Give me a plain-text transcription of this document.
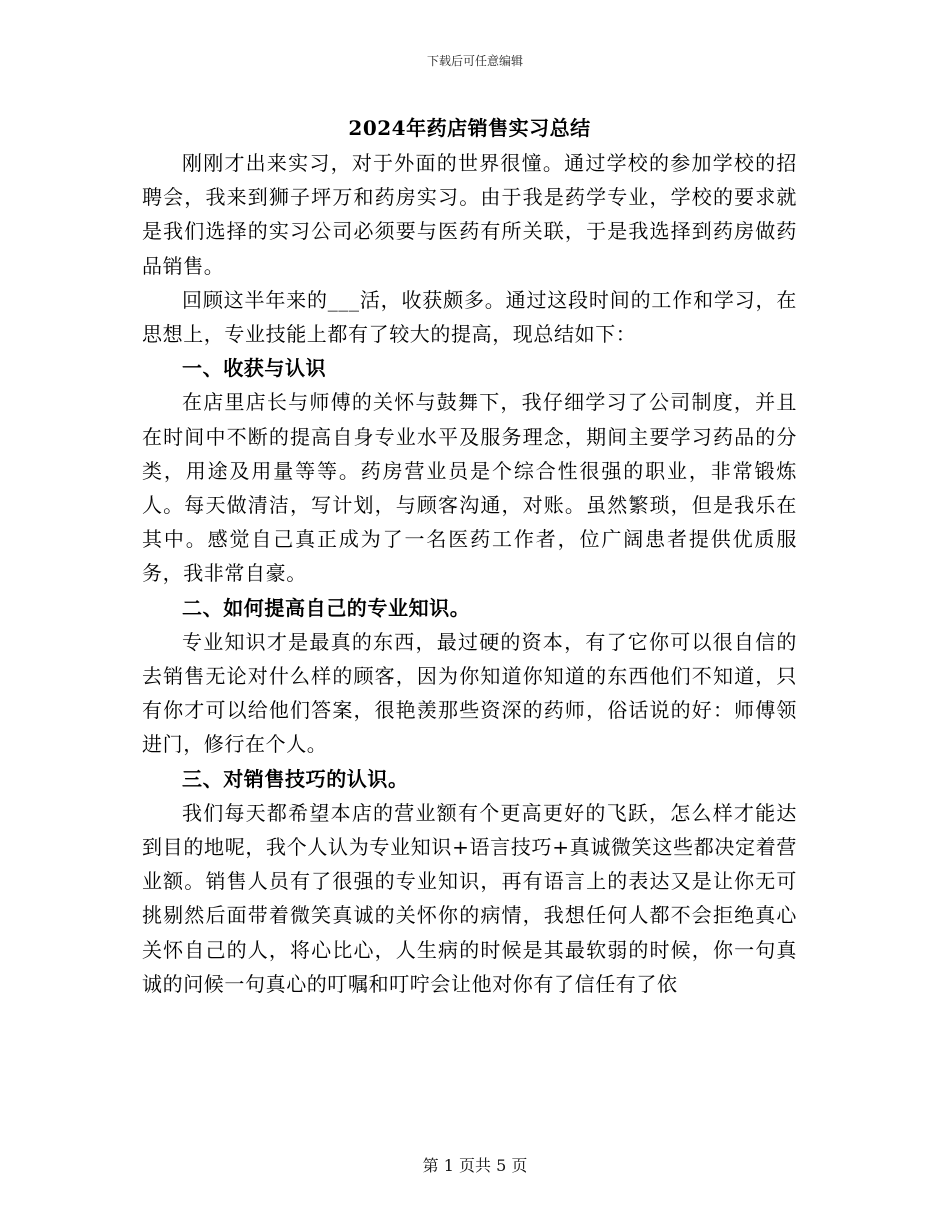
下载后可任意编辑
2024年药店销售实习总结

刚刚才出来实习，对于外面的世界很憧。通过学校的参加学校的招聘会，我来到狮子坪万和药房实习。由于我是药学专业，学校的要求就是我们选择的实习公司必须要与医药有所关联，于是我选择到药房做药品销售。

回顾这半年来的___活，收获颇多。通过这段时间的工作和学习，在思想上，专业技能上都有了较大的提高，现总结如下：

一、收获与认识

在店里店长与师傅的关怀与鼓舞下，我仔细学习了公司制度，并且在时间中不断的提高自身专业水平及服务理念，期间主要学习药品的分类，用途及用量等等。药房营业员是个综合性很强的职业，非常锻炼人。每天做清洁，写计划，与顾客沟通，对账。虽然繁琐，但是我乐在其中。感觉自己真正成为了一名医药工作者，位广阔患者提供优质服务，我非常自豪。

二、如何提高自己的专业知识。

专业知识才是最真的东西，最过硬的资本，有了它你可以很自信的去销售无论对什么样的顾客，因为你知道你知道的东西他们不知道，只有你才可以给他们答案，很艳羡那些资深的药师，俗话说的好：师傅领进门，修行在个人。

三、对销售技巧的认识。

我们每天都希望本店的营业额有个更高更好的飞跃，怎么样才能达到目的地呢，我个人认为专业知识+语言技巧+真诚微笑这些都决定着营业额。销售人员有了很强的专业知识，再有语言上的表达又是让你无可挑剔然后面带着微笑真诚的关怀你的病情，我想任何人都不会拒绝真心关怀自己的人，将心比心，人生病的时候是其最软弱的时候，你一句真诚的问候一句真心的叮嘱和叮咛会让他对你有了信任有了依

第 1 页共 5 页
